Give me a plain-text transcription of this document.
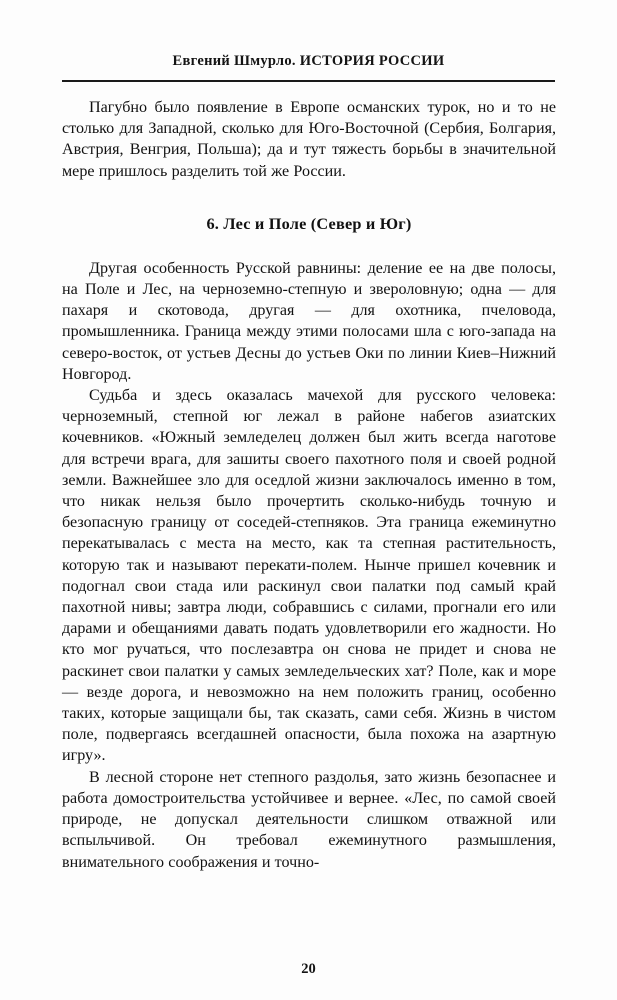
Евгений Шмурло. ИСТОРИЯ РОССИИ

Пагубно было появление в Европе османских турок, но и то не столько для Западной, сколько для Юго-Восточной (Сербия, Болгария, Австрия, Венгрия, Польша); да и тут тяжесть борьбы в значительной мере пришлось разделить той же России.

6. Лес и Поле (Север и Юг)

Другая особенность Русской равнины: деление ее на две полосы, на Поле и Лес, на черноземно-степную и звероловную; одна — для пахаря и скотовода, другая — для охотника, пчеловода, промышленника. Граница между этими полосами шла с юго-запада на северо-восток, от устьев Десны до устьев Оки по линии Киев–Нижний Новгород.

Судьба и здесь оказалась мачехой для русского человека: черноземный, степной юг лежал в районе набегов азиатских кочевников. «Южный земледелец должен был жить всегда наготове для встречи врага, для зашиты своего пахотного поля и своей родной земли. Важнейшее зло для оседлой жизни заключалось именно в том, что никак нельзя было прочертить сколько-нибудь точную и безопасную границу от соседей-степняков. Эта граница ежеминутно перекатывалась с места на место, как та степная растительность, которую так и называют перекати-полем. Нынче пришел кочевник и подогнал свои стада или раскинул свои палатки под самый край пахотной нивы; завтра люди, собравшись с силами, прогнали его или дарами и обещаниями давать подать удовлетворили его жадности. Но кто мог ручаться, что послезавтра он снова не придет и снова не раскинет свои палатки у самых земледельческих хат? Поле, как и море — везде дорога, и невозможно на нем положить границ, особенно таких, которые защищали бы, так сказать, сами себя. Жизнь в чистом поле, подвергаясь всегдашней опасности, была похожа на азартную игру».

В лесной стороне нет степного раздолья, зато жизнь безопаснее и работа домостроительства устойчивее и вернее. «Лес, по самой своей природе, не допускал деятельности слишком отважной или вспыльчивой. Он требовал ежеминутного размышления, внимательного соображения и точно-

20
